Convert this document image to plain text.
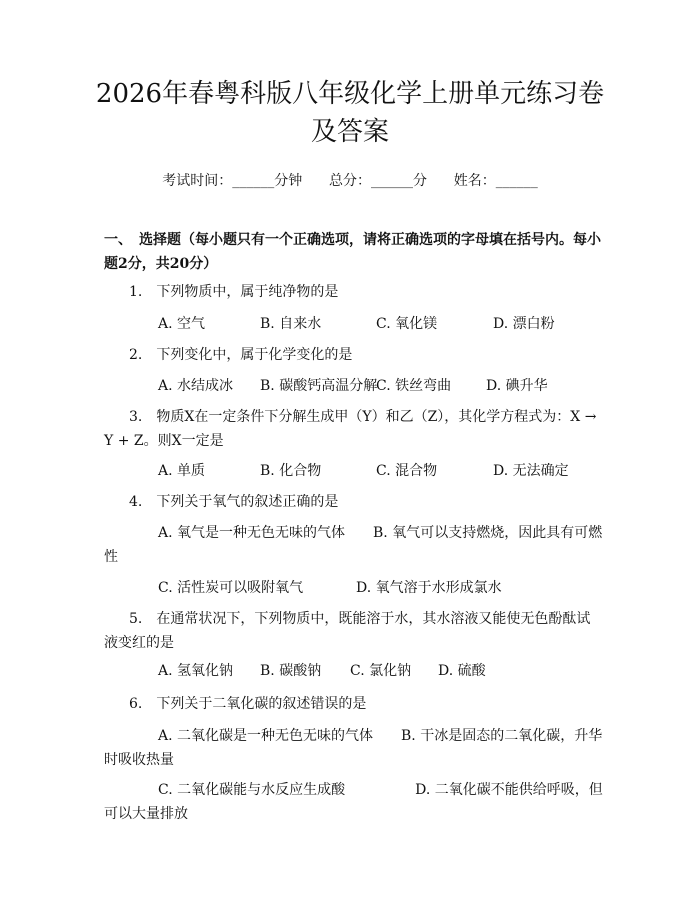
2026年春粤科版八年级化学上册单元练习卷
及答案
考试时间：______分钟 总分：______分 姓名：______
一、　选择题（每小题只有一个正确选项，请将正确选项的字母填在括号内。每小题2分，共20分）
1.　下列物质中，属于纯净物的是
A. 空气	B. 自来水	C. 氧化镁	D. 漂白粉
2.　下列变化中，属于化学变化的是
A. 水结成冰 B. 碳酸钙高温分解
C. 铁丝弯曲 D. 碘升华
3.　物质X在一定条件下分解生成甲（Y）和乙（Z），其化学方程式为：X → Y + Z。则X一定是
A. 单质	B. 化合物	C. 混合物	D. 无法确定
4.　下列关于氧气的叙述正确的是
A. 氧气是一种无色无味的气体　　 B. 氧气可以支持燃烧，因此具有可燃性
C. 活性炭可以吸附氧气	D. 氧气溶于水形成氯水
5.　在通常状况下，下列物质中，既能溶于水，其水溶液又能使无色酚酞试液变红的是
A. 氢氧化钠 B. 碳酸钠 C. 氯化钠 D. 硫酸
6.　下列关于二氧化碳的叙述错误的是
A. 二氧化碳是一种无色无味的气体　　 B. 干冰是固态的二氧化碳，升华时吸收热量
C. 二氧化碳能与水反应生成酸　　　　　	D. 二氧化碳不能供给呼吸，但可以大量排放
